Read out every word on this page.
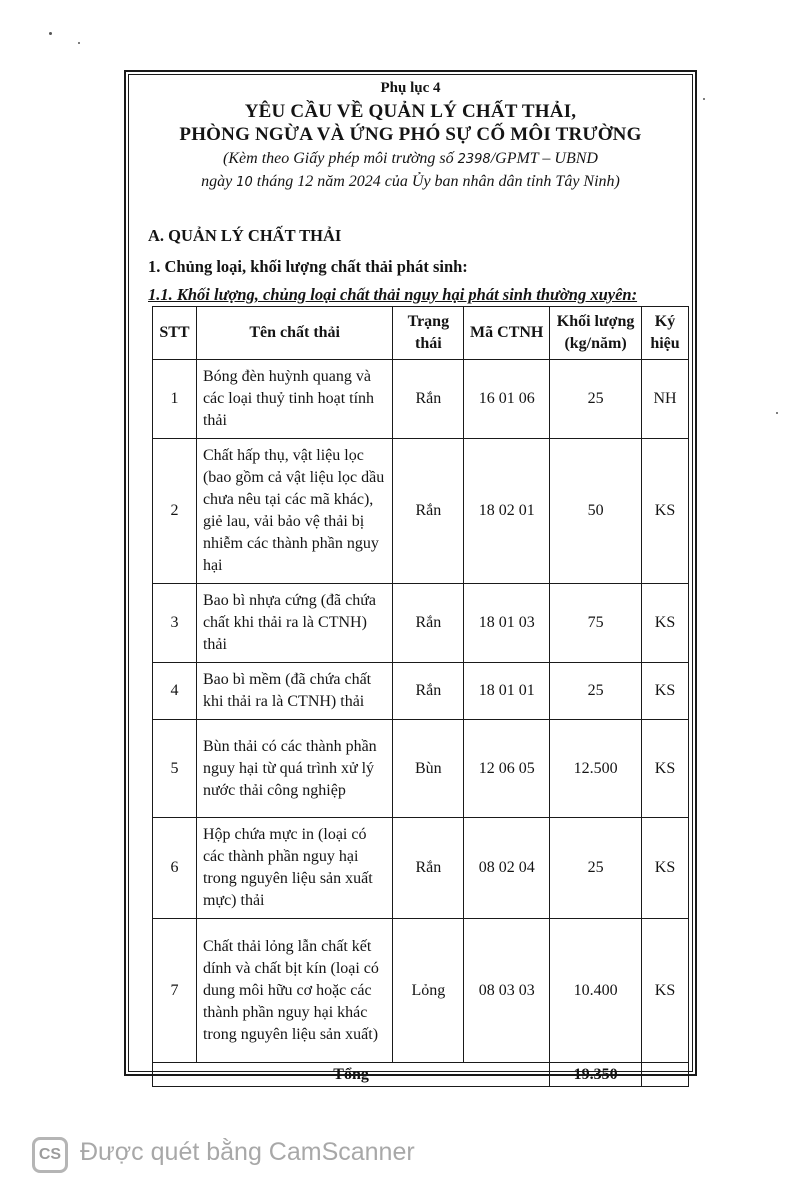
Phụ lục 4
YÊU CẦU VỀ QUẢN LÝ CHẤT THẢI,
PHÒNG NGỪA VÀ ỨNG PHÓ SỰ CỐ MÔI TRƯỜNG
(Kèm theo Giấy phép môi trường số 2398/GPMT – UBND
ngày 10 tháng 12 năm 2024 của Ủy ban nhân dân tỉnh Tây Ninh)
A. QUẢN LÝ CHẤT THẢI
1. Chủng loại, khối lượng chất thải phát sinh:
1.1. Khối lượng, chủng loại chất thải nguy hại phát sinh thường xuyên:
STT	Tên chất thải	Trạng thái	Mã CTNH	Khối lượng (kg/năm)	Ký hiệu
1	Bóng đèn huỳnh quang và các loại thuỷ tinh hoạt tính thải	Rắn	16 01 06	25	NH
2	Chất hấp thụ, vật liệu lọc (bao gồm cả vật liệu lọc dầu chưa nêu tại các mã khác), giẻ lau, vải bảo vệ thải bị nhiễm các thành phần nguy hại	Rắn	18 02 01	50	KS
3	Bao bì nhựa cứng (đã chứa chất khi thải ra là CTNH) thải	Rắn	18 01 03	75	KS
4	Bao bì mềm (đã chứa chất khi thải ra là CTNH) thải	Rắn	18 01 01	25	KS
5	Bùn thải có các thành phần nguy hại từ quá trình xử lý nước thải công nghiệp	Bùn	12 06 05	12.500	KS
6	Hộp chứa mực in (loại có các thành phần nguy hại trong nguyên liệu sản xuất mực) thải	Rắn	08 02 04	25	KS
7	Chất thải lỏng lẫn chất kết dính và chất bịt kín (loại có dung môi hữu cơ hoặc các thành phần nguy hại khác trong nguyên liệu sản xuất)	Lỏng	08 03 03	10.400	KS
Tổng				19.350	
CS Được quét bằng CamScanner
